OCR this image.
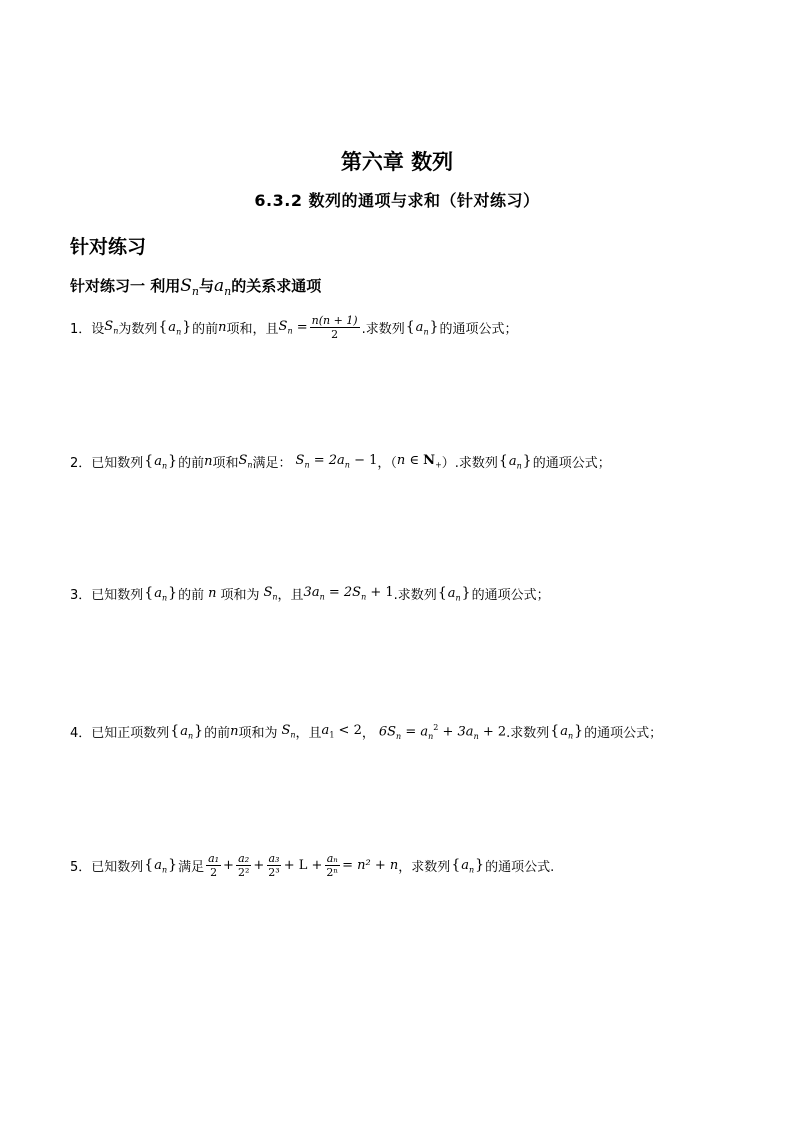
第六章 数列
6.3.2 数列的通项与求和（针对练习）
针对练习
针对练习一 利用$S_n$与$a_n$的关系求通项
1． 设 $S_n$ 为数列 $\{a_n\}$ 的前 n 项和，且 $S_n = \frac{n(n + 1)}{2}$ .求数列 $\{a_n\}$ 的通项公式；
2． 已知数列 $\{a_n\}$ 的前 n 项和 $S_n$ 满足： $S_n = 2a_n - 1$ ，（ n ∈ $N_+$ ） .求数列 $\{a_n\}$ 的通项公式；
3． 已知数列 $\{a_n\}$ 的前 n 项和为 $S_n$ ，且 $3a_n = 2S_n + 1$ .求数列 $\{a_n\}$ 的通项公式；
4． 已知正项数列 $\{a_n\}$ 的前 n 项和为 $S_n$ ，且 $a_1 < 2$ ， $6S_n = a_n^2 + 3a_n + 2$ .求数列 $\{a_n\}$ 的通项公式；
5． 已知数列 $\{a_n\}$ 满足 $\frac{\text{a₁}}{2} + \frac{\text{a₂}}{\text{2²}} + \frac{\text{a₃}}{\text{2³}} + L + \frac{\text{aₙ}}{\text{2ⁿ}} = n^2 + n$ ，求数列 $\{a_n\}$ 的通项公式.
